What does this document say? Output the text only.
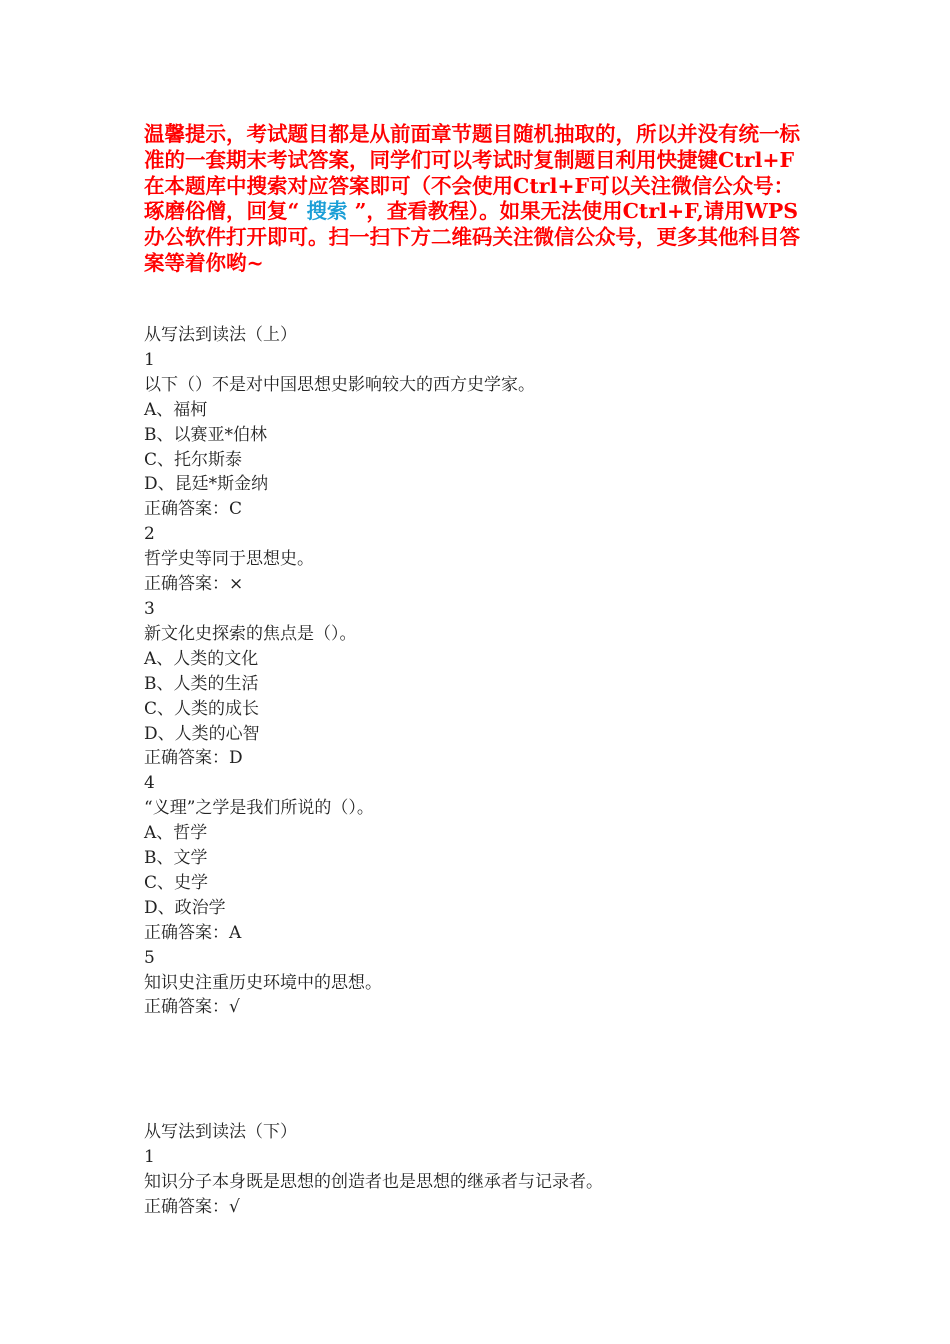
温馨提示，考试题目都是从前面章节题目随机抽取的，所以并没有统一标准的一套期末考试答案，同学们可以考试时复制题目利用快捷键Ctrl+F在本题库中搜索对应答案即可（不会使用Ctrl+F可以关注微信公众号：琢磨俗僧，回复“ 搜索 ”，查看教程）。如果无法使用Ctrl+F,请用WPS办公软件打开即可。扫一扫下方二维码关注微信公众号，更多其他科目答案等着你哟~
从写法到读法（上）
1
以下（）不是对中国思想史影响较大的西方史学家。
A、福柯
B、以赛亚*伯林
C、托尔斯泰
D、昆廷*斯金纳
正确答案：C
2
哲学史等同于思想史。
正确答案：×
3
新文化史探索的焦点是（）。
A、人类的文化
B、人类的生活
C、人类的成长
D、人类的心智
正确答案：D
4
“义理”之学是我们所说的（）。
A、哲学
B、文学
C、史学
D、政治学
正确答案：A
5
知识史注重历史环境中的思想。
正确答案：√
从写法到读法（下）
1
知识分子本身既是思想的创造者也是思想的继承者与记录者。
正确答案：√
